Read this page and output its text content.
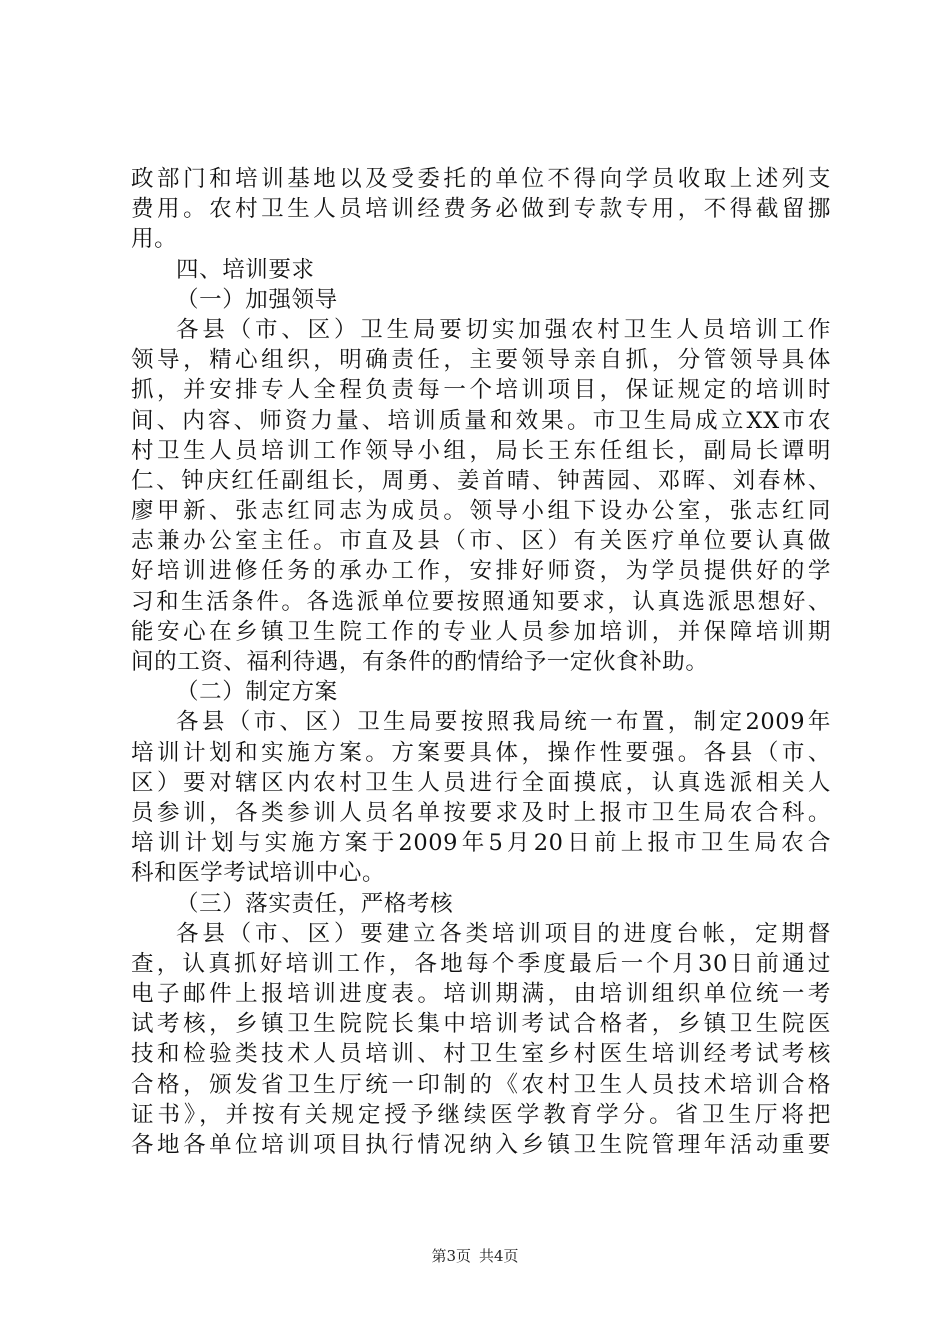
政部门和培训基地以及受委托的单位不得向学员收取上述列支
费用。农村卫生人员培训经费务必做到专款专用，不得截留挪
用。
四、培训要求
（一）加强领导
各县（市、区）卫生局要切实加强农村卫生人员培训工作
领导，精心组织，明确责任，主要领导亲自抓，分管领导具体
抓，并安排专人全程负责每一个培训项目，保证规定的培训时
间、内容、师资力量、培训质量和效果。市卫生局成立XX市农
村卫生人员培训工作领导小组，局长王东任组长，副局长谭明
仁、钟庆红任副组长，周勇、姜首晴、钟茜园、邓晖、刘春林、
廖甲新、张志红同志为成员。领导小组下设办公室，张志红同
志兼办公室主任。市直及县（市、区）有关医疗单位要认真做
好培训进修任务的承办工作，安排好师资，为学员提供好的学
习和生活条件。各选派单位要按照通知要求，认真选派思想好、
能安心在乡镇卫生院工作的专业人员参加培训，并保障培训期
间的工资、福利待遇，有条件的酌情给予一定伙食补助。
（二）制定方案
各县（市、区）卫生局要按照我局统一布置，制定2009年
培训计划和实施方案。方案要具体，操作性要强。各县（市、
区）要对辖区内农村卫生人员进行全面摸底，认真选派相关人
员参训，各类参训人员名单按要求及时上报市卫生局农合科。
培训计划与实施方案于2009年5月20日前上报市卫生局农合
科和医学考试培训中心。
（三）落实责任，严格考核
各县（市、区）要建立各类培训项目的进度台帐，定期督
查，认真抓好培训工作，各地每个季度最后一个月30日前通过
电子邮件上报培训进度表。培训期满，由培训组织单位统一考
试考核，乡镇卫生院院长集中培训考试合格者，乡镇卫生院医
技和检验类技术人员培训、村卫生室乡村医生培训经考试考核
合格，颁发省卫生厅统一印制的《农村卫生人员技术培训合格
证书》，并按有关规定授予继续医学教育学分。省卫生厅将把
各地各单位培训项目执行情况纳入乡镇卫生院管理年活动重要
第3页 共4页
